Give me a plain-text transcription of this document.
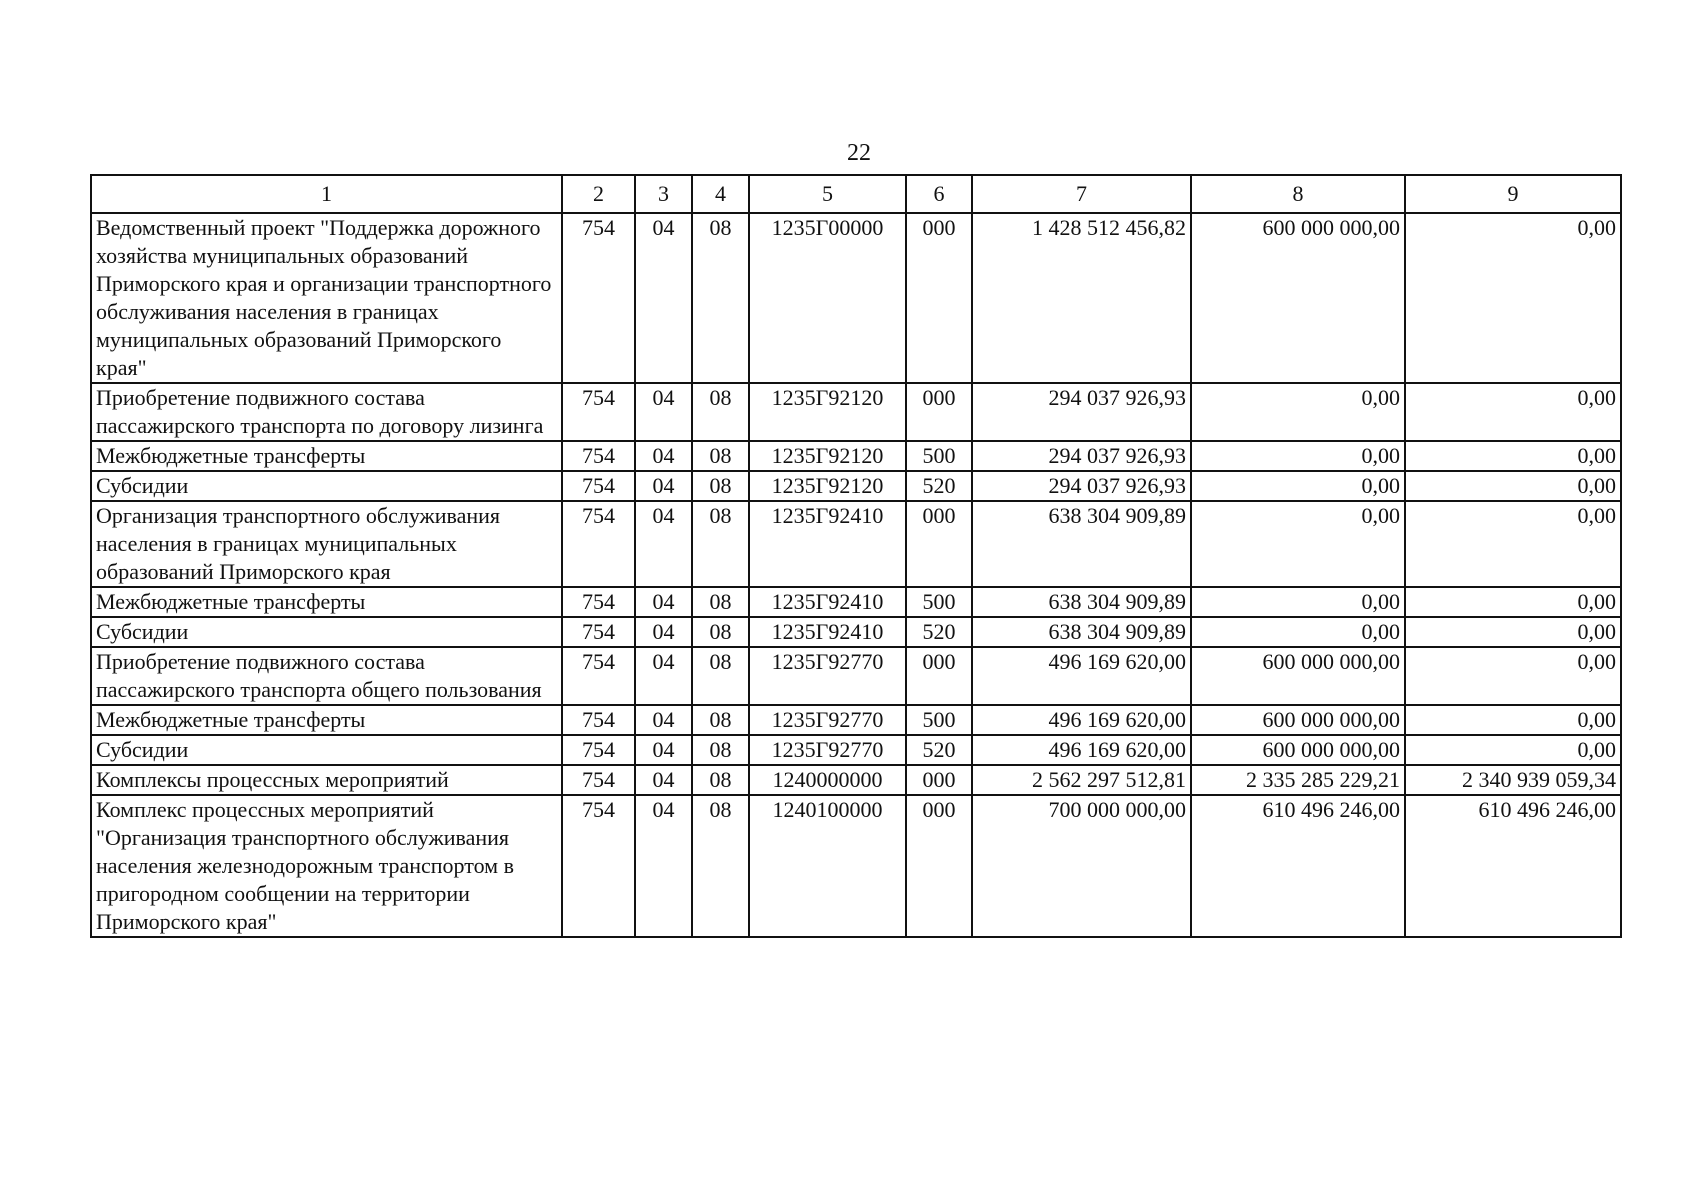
22
1	2	3	4	5	6	7	8	9
Ведомственный проект "Поддержка дорожного хозяйства муниципальных образований Приморского края и организации транспортного обслуживания населения в границах муниципальных образований Приморского края"	754	04	08	1235Г00000	000	1 428 512 456,82	600 000 000,00	0,00
Приобретение подвижного состава пассажирского транспорта по договору лизинга	754	04	08	1235Г92120	000	294 037 926,93	0,00	0,00
Межбюджетные трансферты	754	04	08	1235Г92120	500	294 037 926,93	0,00	0,00
Субсидии	754	04	08	1235Г92120	520	294 037 926,93	0,00	0,00
Организация транспортного обслуживания населения в границах муниципальных образований Приморского края	754	04	08	1235Г92410	000	638 304 909,89	0,00	0,00
Межбюджетные трансферты	754	04	08	1235Г92410	500	638 304 909,89	0,00	0,00
Субсидии	754	04	08	1235Г92410	520	638 304 909,89	0,00	0,00
Приобретение подвижного состава пассажирского транспорта общего пользования	754	04	08	1235Г92770	000	496 169 620,00	600 000 000,00	0,00
Межбюджетные трансферты	754	04	08	1235Г92770	500	496 169 620,00	600 000 000,00	0,00
Субсидии	754	04	08	1235Г92770	520	496 169 620,00	600 000 000,00	0,00
Комплексы процессных мероприятий	754	04	08	1240000000	000	2 562 297 512,81	2 335 285 229,21	2 340 939 059,34
Комплекс процессных мероприятий "Организация транспортного обслуживания населения железнодорожным транспортом в пригородном сообщении на территории Приморского края"	754	04	08	1240100000	000	700 000 000,00	610 496 246,00	610 496 246,00
